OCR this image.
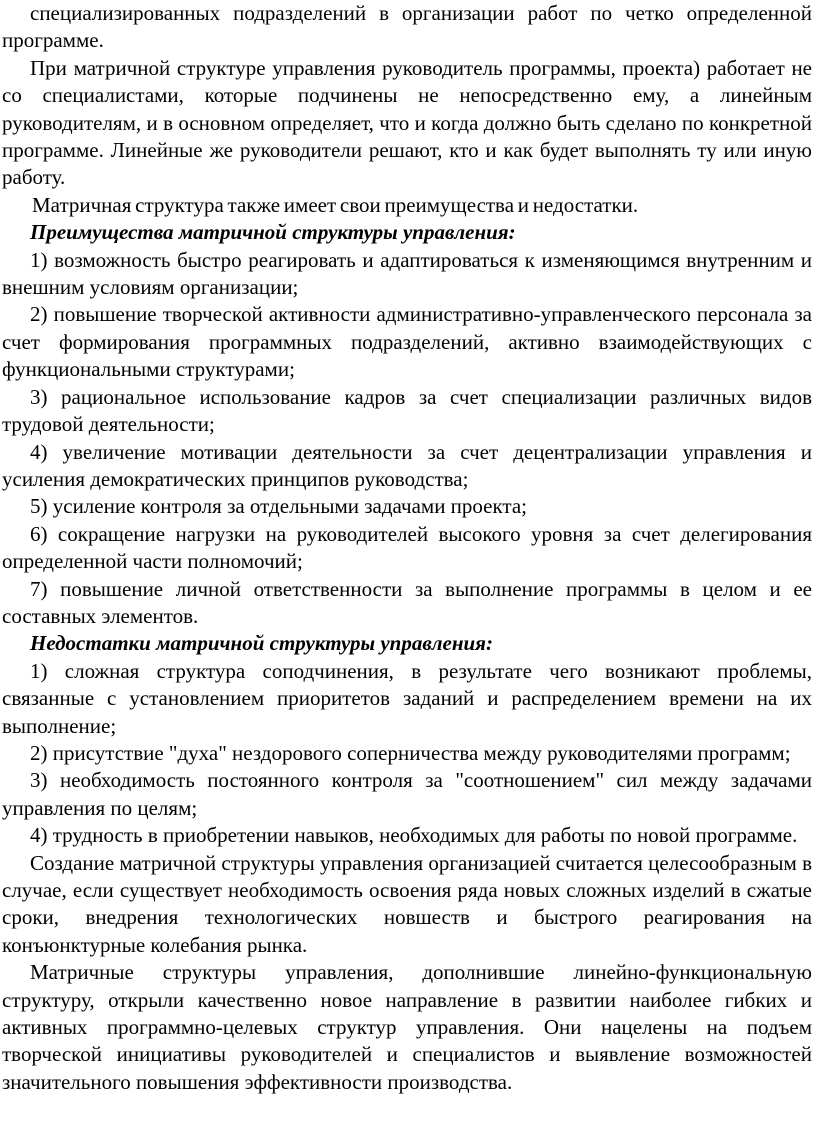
специализированных подразделений в организации работ по четко определенной программе.

При матричной структуре управления руководитель программы, проекта) работает не со специалистами, которые подчинены не непосредственно ему, а линейным руководителям, и в основном определяет, что и когда должно быть сделано по конкретной программе. Линейные же руководители решают, кто и как будет выполнять ту или иную работу.

Матричная структура также имеет свои преимущества и недостатки.

Преимущества матричной структуры управления:

1) возможность быстро реагировать и адаптироваться к изменяющимся внутренним и внешним условиям организации;

2) повышение творческой активности административно-управленческого персонала за счет формирования программных подразделений, активно взаимодействующих с функциональными структурами;

3) рациональное использование кадров за счет специализации различных видов трудовой деятельности;

4) увеличение мотивации деятельности за счет децентрализации управления и усиления демократических принципов руководства;

5) усиление контроля за отдельными задачами проекта;

6) сокращение нагрузки на руководителей высокого уровня за счет делегирования определенной части полномочий;

7) повышение личной ответственности за выполнение программы в целом и ее составных элементов.

Недостатки матричной структуры управления:

1) сложная структура соподчинения, в результате чего возникают проблемы, связанные с установлением приоритетов заданий и распределением времени на их выполнение;

2) присутствие "духа" нездорового соперничества между руководителями программ;

3) необходимость постоянного контроля за "соотношением" сил между задачами управления по целям;

4) трудность в приобретении навыков, необходимых для работы по новой программе.

Создание матричной структуры управления организацией считается целесообразным в случае, если существует необходимость освоения ряда новых сложных изделий в сжатые сроки, внедрения технологических новшеств и быстрого реагирования на конъюнктурные колебания рынка.

Матричные структуры управления, дополнившие линейно-функциональную структуру, открыли качественно новое направление в развитии наиболее гибких и активных программно-целевых структур управления. Они нацелены на подъем творческой инициативы руководителей и специалистов и выявление возможностей значительного повышения эффективности производства.
